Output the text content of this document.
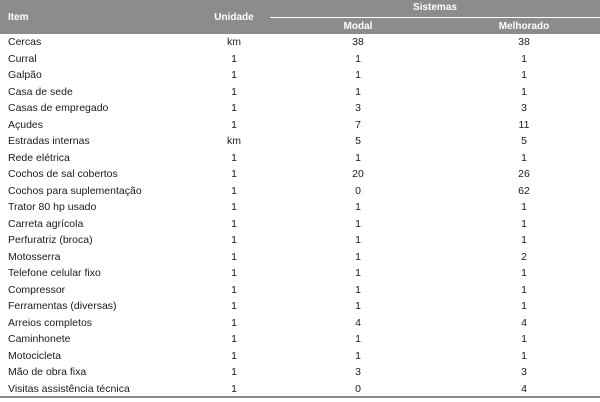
Item	Unidade
Sistemas
Modal	Melhorado
Cercas	km	38	38
Curral	1	1	1
Galpão	1	1	1
Casa de sede	1	1	1
Casas de empregado	1	3	3
Açudes	1	7	11
Estradas internas	km	5	5
Rede elétrica	1	1	1
Cochos de sal cobertos	1	20	26
Cochos para suplementação	1	0	62
Trator 80 hp usado	1	1	1
Carreta agrícola	1	1	1
Perfuratriz (broca)	1	1	1
Motosserra	1	1	2
Telefone celular fixo	1	1	1
Compressor	1	1	1
Ferramentas (diversas)	1	1	1
Arreios completos	1	4	4
Caminhonete	1	1	1
Motocicleta	1	1	1
Mão de obra fixa	1	3	3
Visitas assistência técnica	1	0	4
